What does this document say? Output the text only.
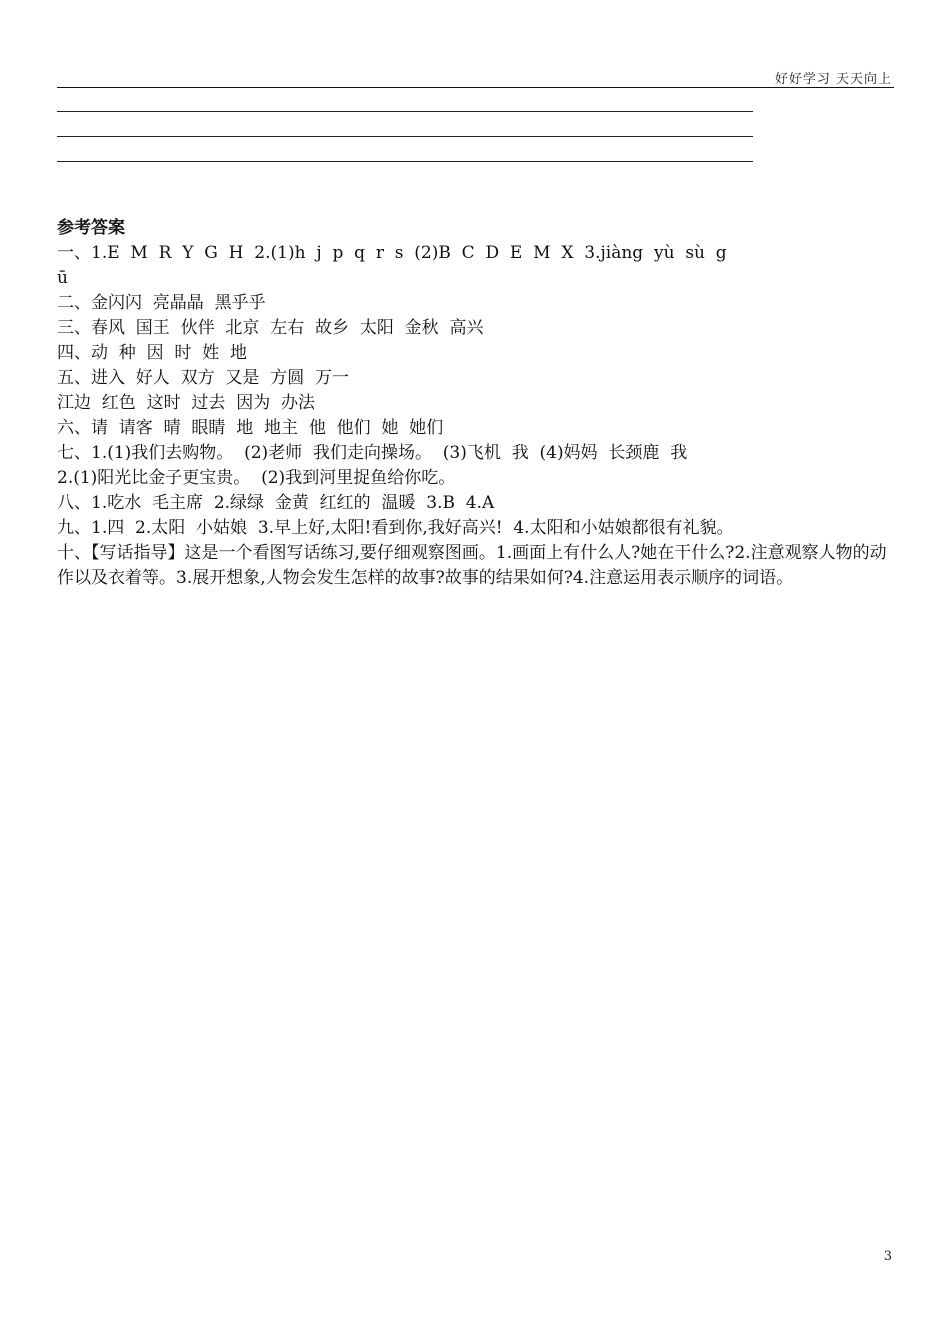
好好学习 天天向上
参考答案
一、1.E  M  R  Y  G  H  2.(1)h  j  p  q  r  s  (2)B  C  D  E  M  X  3.jiàng  yù  sù  g
ū
二、金闪闪  亮晶晶  黑乎乎
三、春风  国王  伙伴  北京  左右  故乡  太阳  金秋  高兴
四、动  种  因  时  姓  地
五、进入  好人  双方  又是  方圆  万一
江边  红色  这时  过去  因为  办法
六、请  请客  晴  眼睛  地  地主  他  他们  她  她们
七、1.(1)我们去购物。  (2)老师  我们走向操场。  (3)飞机  我  (4)妈妈  长颈鹿  我
2.(1)阳光比金子更宝贵。  (2)我到河里捉鱼给你吃。
八、1.吃水  毛主席  2.绿绿  金黄  红红的  温暖  3.B  4.A
九、1.四  2.太阳  小姑娘  3.早上好,太阳!看到你,我好高兴!  4.太阳和小姑娘都很有礼貌。
十、【写话指导】这是一个看图写话练习,要仔细观察图画。1.画面上有什么人?她在干什么?2.注意观察人物的动作以及衣着等。3.展开想象,人物会发生怎样的故事?故事的结果如何?4.注意运用表示顺序的词语。
3
